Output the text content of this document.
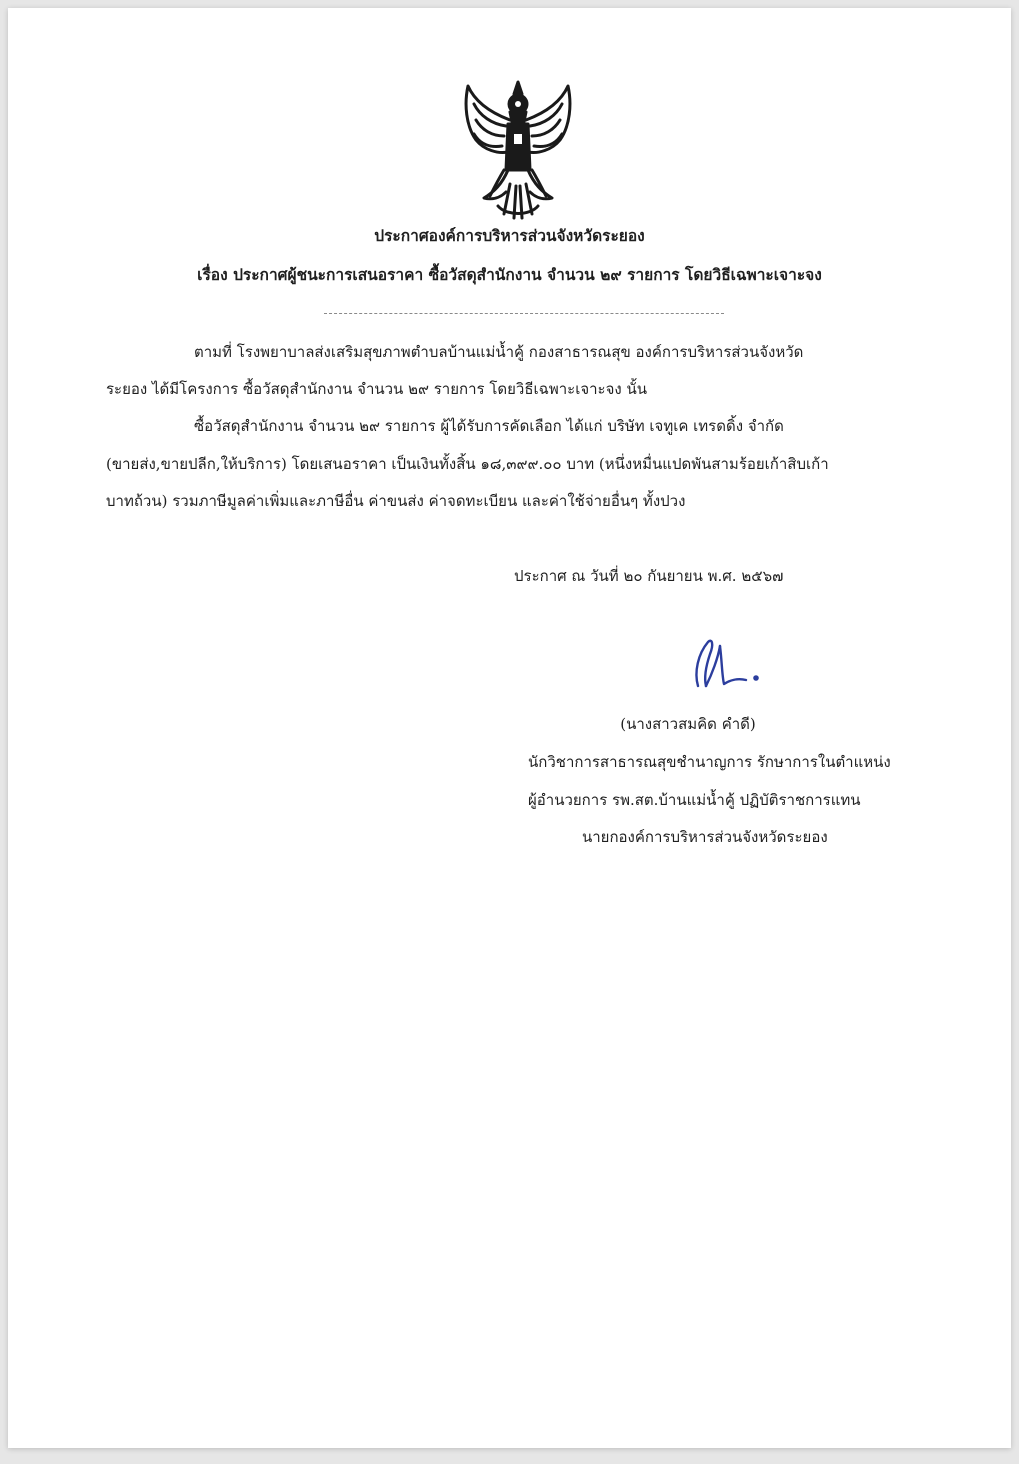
ประกาศองค์การบริหารส่วนจังหวัดระยอง
เรื่อง ประกาศผู้ชนะการเสนอราคา ซื้อวัสดุสำนักงาน จำนวน ๒๙ รายการ โดยวิธีเฉพาะเจาะจง
ตามที่ โรงพยาบาลส่งเสริมสุขภาพตำบลบ้านแม่น้ำคู้ กองสาธารณสุข องค์การบริหารส่วนจังหวัด
ระยอง ได้มีโครงการ ซื้อวัสดุสำนักงาน จำนวน ๒๙ รายการ โดยวิธีเฉพาะเจาะจง นั้น
ซื้อวัสดุสำนักงาน จำนวน ๒๙ รายการ ผู้ได้รับการคัดเลือก ได้แก่ บริษัท เจทูเค เทรดดิ้ง จำกัด
(ขายส่ง,ขายปลีก,ให้บริการ) โดยเสนอราคา เป็นเงินทั้งสิ้น ๑๘,๓๙๙.๐๐ บาท (หนึ่งหมื่นแปดพันสามร้อยเก้าสิบเก้า
บาทถ้วน) รวมภาษีมูลค่าเพิ่มและภาษีอื่น ค่าขนส่ง ค่าจดทะเบียน และค่าใช้จ่ายอื่นๆ ทั้งปวง
ประกาศ ณ วันที่ ๒๐ กันยายน พ.ศ. ๒๕๖๗
(นางสาวสมคิด คำดี)
นักวิชาการสาธารณสุขชำนาญการ รักษาการในตำแหน่ง
ผู้อำนวยการ รพ.สต.บ้านแม่น้ำคู้ ปฏิบัติราชการแทน
นายกองค์การบริหารส่วนจังหวัดระยอง
